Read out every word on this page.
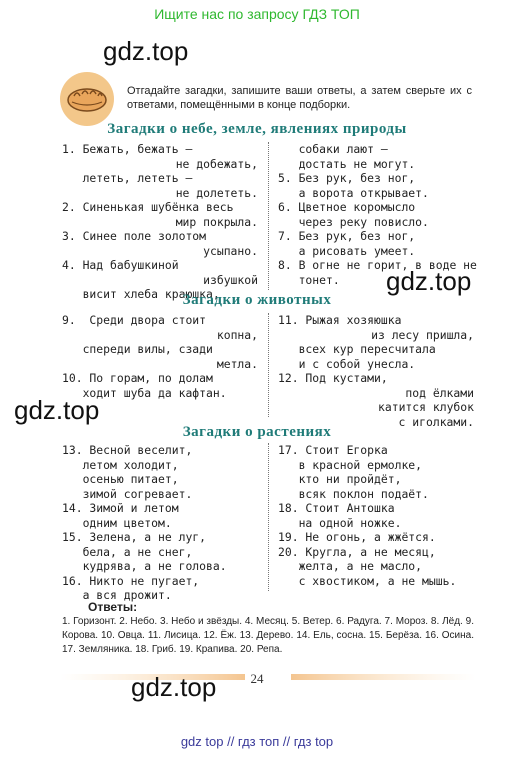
Ищите нас по запросу ГДЗ ТОП
gdz.top
Отгадайте загадки, запишите ваши ответы, а затем сверьте их с ответами, помещёнными в конце подборки.
Загадки о небе, земле, явлениях природы
1. Бежать, бежать —
не добежать,
лететь, лететь —
не долететь.
2. Синенькая шубёнка весь
мир покрыла.
3. Синее поле золотом
усыпано.
4. Над бабушкиной
избушкой
висит хлеба краюшка,
собаки лают —
достать не могут.
5. Без рук, без ног,
а ворота открывает.
6. Цветное коромысло
через реку повисло.
7. Без рук, без ног,
а рисовать умеет.
8. В огне не горит, в воде не
тонет.	gdz.top
Загадки о животных
9.  Среди двора стоит
копна,
спереди вилы, сзади
метла.
10. По горам, по долам
ходит шуба да кафтан.
11. Рыжая хозяюшка
из лесу пришла,
всех кур пересчитала
и с собой унесла.
12. Под кустами,
под ёлками
катится клубок
с иголками.
gdz.top
Загадки о растениях
13. Весной веселит,
летом холодит,
осенью питает,
зимой согревает.
14. Зимой и летом
одним цветом.
15. Зелена, а не луг,
бела, а не снег,
кудрява, а не голова.
16. Никто не пугает,
а вся дрожит.
17. Стоит Егорка
в красной ермолке,
кто ни пройдёт,
всяк поклон подаёт.
18. Стоит Антошка
на одной ножке.
19. Не огонь, а жжётся.
20. Кругла, а не месяц,
желта, а не масло,
с хвостиком, а не мышь.
Ответы:
1. Горизонт. 2. Небо. 3. Небо и звёзды. 4. Месяц. 5. Ветер. 6. Радуга. 7. Мороз. 8. Лёд. 9. Корова. 10. Овца. 11. Лисица. 12. Ёж. 13. Дерево. 14. Ель, сосна. 15. Берёза. 16. Осина. 17. Земляника. 18. Гриб. 19. Крапива. 20. Репа.
24
gdz.top
gdz top // гдз топ // гдз top
